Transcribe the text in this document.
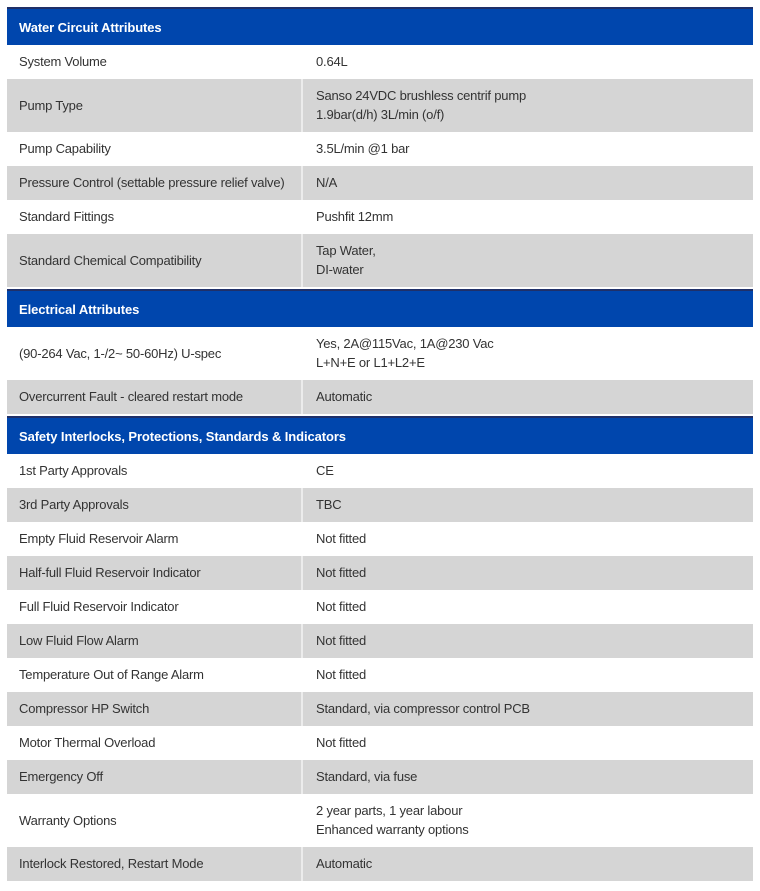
Water Circuit Attributes	
System Volume	0.64L

Pump Type	Sanso 24VDC brushless centrif pump
1.9bar(d/h) 3L/min (o/f)

Pump Capability	3.5L/min @1 bar

Pressure Control (settable pressure relief valve)	N/A

Standard Fittings	Pushfit 12mm

Standard Chemical Compatibility	Tap Water,
DI-water

Electrical Attributes	
(90-264 Vac, 1-/2~ 50-60Hz) U-spec	Yes, 2A@115Vac, 1A@230 Vac
L+N+E or L1+L2+E

Overcurrent Fault - cleared restart mode	Automatic

Safety Interlocks, Protections, Standards & Indicators	
1st Party Approvals	CE

3rd Party Approvals	TBC

Empty Fluid Reservoir Alarm	Not fitted

Half-full Fluid Reservoir Indicator	Not fitted

Full Fluid Reservoir Indicator	Not fitted

Low Fluid Flow Alarm	Not fitted

Temperature Out of Range Alarm	Not fitted

Compressor HP Switch	Standard, via compressor control PCB

Motor Thermal Overload	Not fitted

Emergency Off	Standard, via fuse

Warranty Options	2 year parts, 1 year labour
Enhanced warranty options

Interlock Restored, Restart Mode	Automatic
